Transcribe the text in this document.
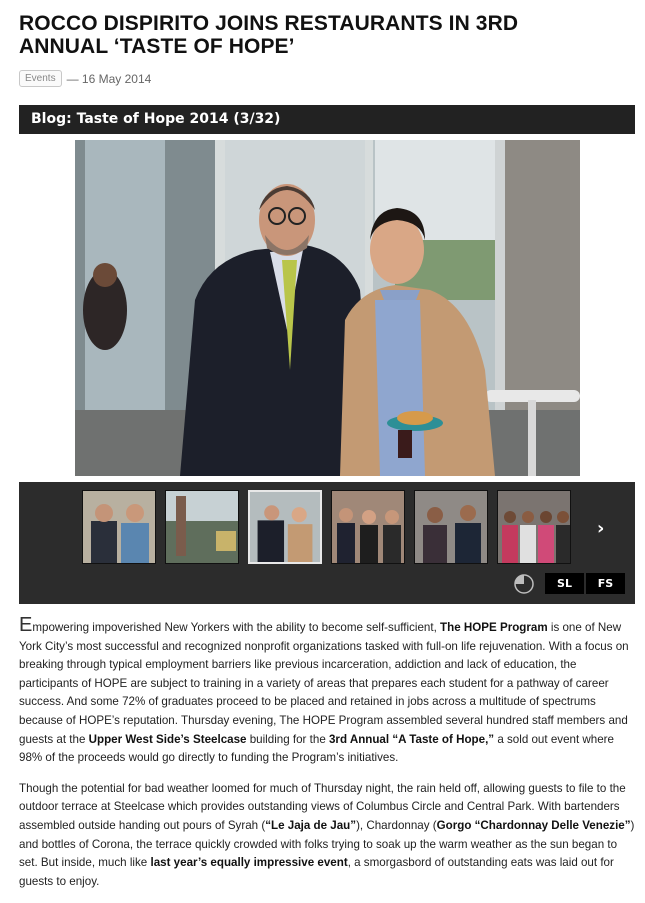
ROCCO DISPIRITO JOINS RESTAURANTS IN 3RD
ANNUAL ‘TASTE OF HOPE’
Events — 16 May 2014
Blog: Taste of Hope 2014 (3/32)
›
SL	FS

Empowering impoverished New Yorkers with the ability to become self-sufficient, The HOPE Program is one of New York City’s most successful and recognized nonprofit organizations tasked with full-on life rejuvenation. With a focus on breaking through typical employment barriers like previous incarceration, addiction and lack of education, the participants of HOPE are subject to training in a variety of areas that prepares each student for a pathway of career success. And some 72% of graduates proceed to be placed and retained in jobs across a multitude of spectrums because of HOPE’s reputation. Thursday evening, The HOPE Program assembled several hundred staff members and guests at the Upper West Side’s Steelcase building for the 3rd Annual “A Taste of Hope,” a sold out event where 98% of the proceeds would go directly to funding the Program’s initiatives.

Though the potential for bad weather loomed for much of Thursday night, the rain held off, allowing guests to file to the outdoor terrace at Steelcase which provides outstanding views of Columbus Circle and Central Park. With bartenders assembled outside handing out pours of Syrah (“Le Jaja de Jau”), Chardonnay (Gorgo “Chardonnay Delle Venezie”) and bottles of Corona, the terrace quickly crowded with folks trying to soak up the warm weather as the sun began to set. But inside, much like last year’s equally impressive event, a smorgasbord of outstanding eats was laid out for guests to enjoy.
